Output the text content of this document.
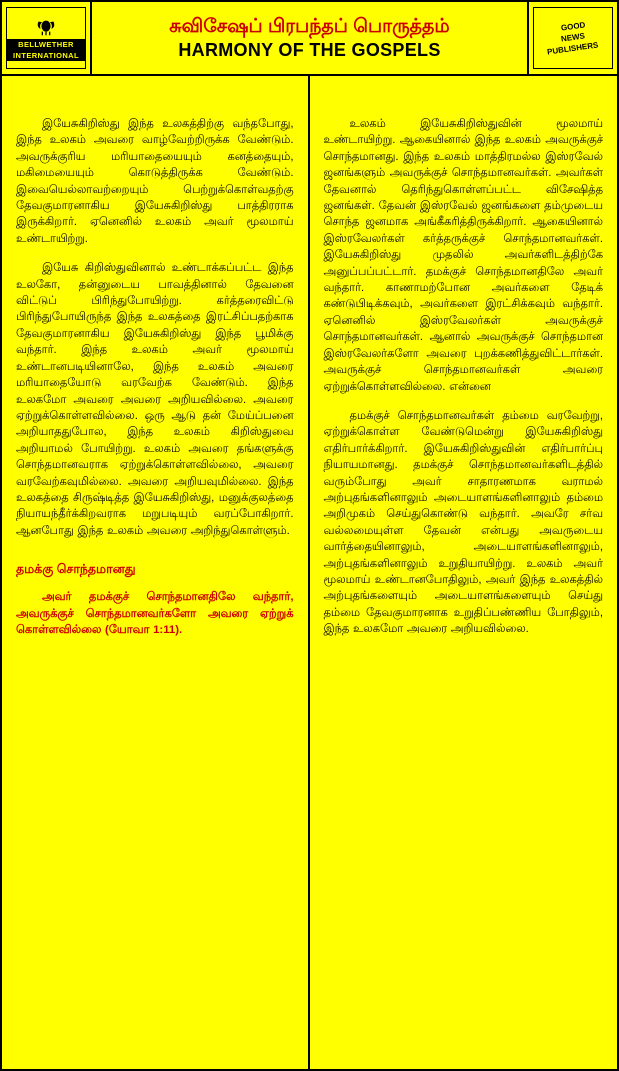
BELLWETHER
INTERNATIONAL
சுவிசேஷப் பிரபந்தப் பொருத்தம்
HARMONY OF THE GOSPELS
GOOD
NEWS
PUBLISHERS

இயேசுகிறிஸ்து இந்த உலகத்திற்கு வந்தபோது, இந்த உலகம் அவரை வாழ்வேற்றிருக்க வேண்டும். அவருக்குரிய மரியாதையையும் கனத்தையும், மகிமையையும் கொடுத்திருக்க வேண்டும். இவையெல்லாவற்றையும் பெற்றுக்கொள்வதற்கு தேவகுமாரனாகிய இயேசுகிறிஸ்து பாத்திரராக இருக்கிறார். ஏனெனில் உலகம் அவர் மூலமாய் உண்டாயிற்று.

இயேசு கிறிஸ்துவினால் உண்டாக்கப்பட்ட இந்த உலகோ, தன்னுடைய பாவத்தினால் தேவனை விட்டுப் பிரிந்துபோயிற்று. கர்த்தரைவிட்டு பிரிந்துபோயிருந்த இந்த உலகத்தை இரட்சிப்பதற்காக தேவகுமாரனாகிய இயேசுகிறிஸ்து இந்த பூமிக்கு வந்தார். இந்த உலகம் அவர் மூலமாய் உண்டானபடியினாலே, இந்த உலகம் அவரை மரியாதையோடு வரவேற்க வேண்டும். இந்த உலகமோ அவரை அவரை அறியவில்லை. அவரை ஏற்றுக்கொள்ளவில்லை. ஒரு ஆடு தன் மேய்ப்பனை அறியாததுபோல, இந்த உலகம் கிறிஸ்துவை அறியாமல் போயிற்று. உலகம் அவரை தங்களுக்கு சொந்தமானவராக ஏற்றுக்கொள்ளவில்லை, அவரை வரவேற்கவுமில்லை. அவரை அறியவுமில்லை. இந்த உலகத்தை சிருஷ்டித்த இயேசுகிறிஸ்து, மனுக்குலத்தை நியாயந்தீர்க்கிறவராக மறுபடியும் வரப்போகிறார். ஆனபோது இந்த உலகம் அவரை அறிந்துகொள்ளும்.

தமக்கு சொந்தமானது

அவர் தமக்குச் சொந்தமானதிலே வந்தார், அவருக்குச் சொந்தமானவர்களோ அவரை ஏற்றுக் கொள்ளவில்லை (யோவா 1:11).

உலகம் இயேசுகிறிஸ்துவின் மூலமாய் உண்டாயிற்று. ஆகையினால் இந்த உலகம் அவருக்குச் சொந்தமானது. இந்த உலகம் மாத்திரமல்ல இஸ்ரவேல் ஜனங்களும் அவருக்குச் சொந்தமானவர்கள். அவர்கள் தேவனால் தெரிந்துகொள்ளப்பட்ட விசேஷித்த ஜனங்கள். தேவன் இஸ்ரவேல் ஜனங்களை தம்முடைய சொந்த ஜனமாக அங்கீகரித்திருக்கிறார். ஆகையினால் இஸ்ரவேலர்கள் கர்த்தருக்குச் சொந்தமானவர்கள். இயேசுகிறிஸ்து முதலில் அவர்களிடத்திற்கே அனுப்பப்பட்டார். தமக்குச் சொந்தமானதிலே அவர் வந்தார். காணாமற்போன அவர்களை தேடிக் கண்டுபிடிக்கவும், அவர்களை இரட்சிக்கவும் வந்தார். ஏனெனில் இஸ்ரவேலர்கள் அவருக்குச் சொந்தமானவர்கள். ஆனால் அவருக்குச் சொந்தமான இஸ்ரவேலர்களோ அவரை புறக்கணித்துவிட்டார்கள். அவருக்குச் சொந்தமானவர்கள் அவரை ஏற்றுக்கொள்ளவில்லை. என்னை

தமக்குச் சொந்தமானவர்கள் தம்மை வரவேற்று, ஏற்றுக்கொள்ள வேண்டுமென்று இயேசுகிறிஸ்து எதிர்பார்க்கிறார். இயேசுகிறிஸ்துவின் எதிர்பார்ப்பு நியாயமானது. தமக்குச் சொந்தமானவர்களிடத்தில் வரும்போது அவர் சாதாரணமாக வராமல் அற்புதங்களினாலும் அடையாளங்களினாலும் தம்மை அறிமுகம் செய்துகொண்டு வந்தார். அவரே சர்வ வல்லமையுள்ள தேவன் என்பது அவருடைய வார்த்தையினாலும், அடையாளங்களினாலும், அற்புதங்களினாலும் உறுதியாயிற்று. உலகம் அவர் மூலமாய் உண்டானபோதிலும், அவர் இந்த உலகத்தில் அற்புதங்களையும் அடையாளங்களையும் செய்து தம்மை தேவகுமாரனாக உறுதிப்பண்ணிய போதிலும், இந்த உலகமோ அவரை அறியவில்லை.
